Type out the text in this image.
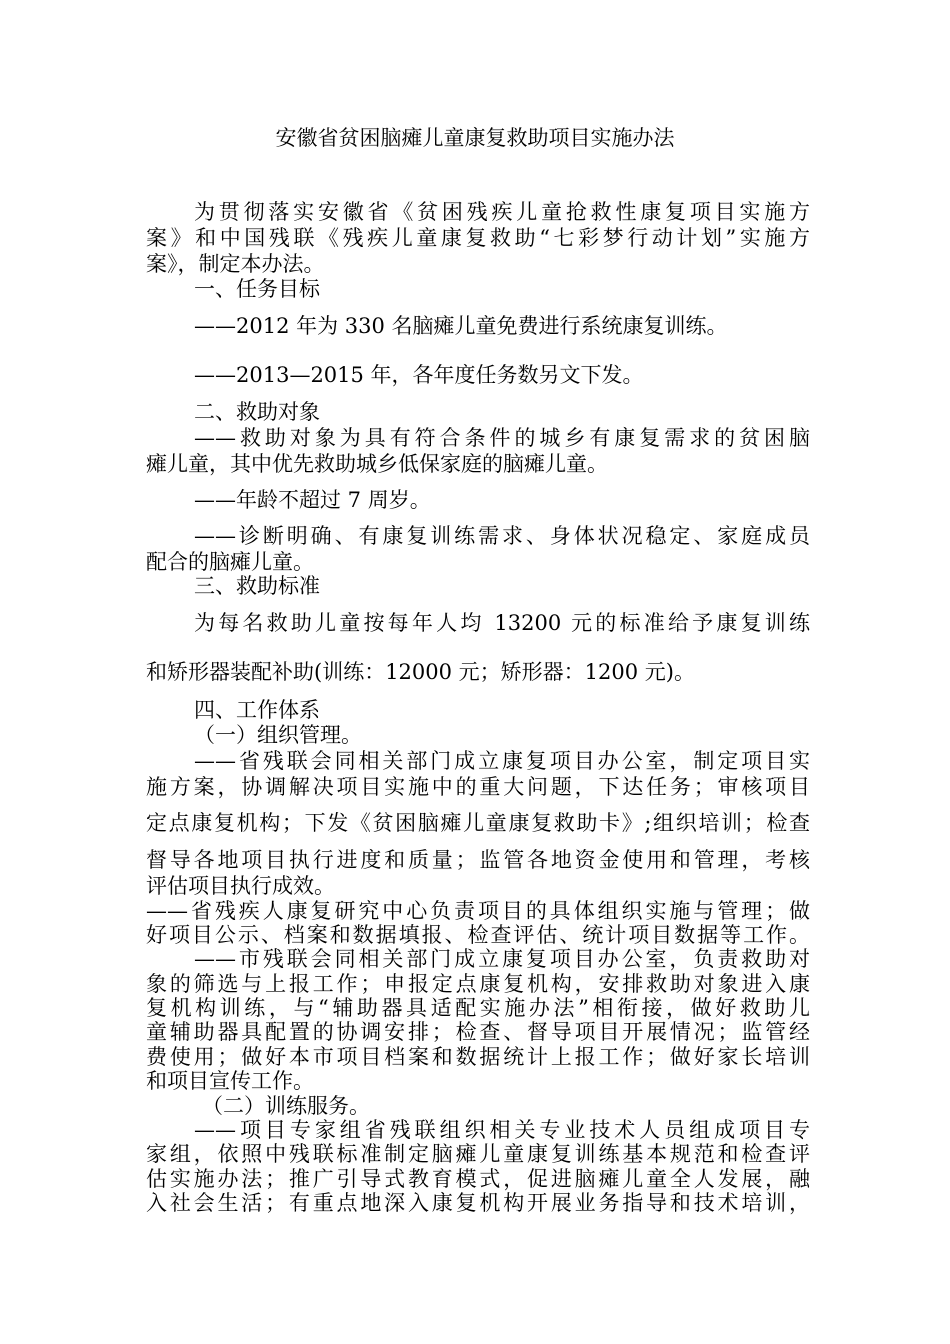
安徽省贫困脑瘫儿童康复救助项目实施办法

为贯彻落实安徽省《贫困残疾儿童抢救性康复项目实施方

案》和中国残联《残疾儿童康复救助“七彩梦行动计划”实施方

案》，制定本办法。

一、任务目标

——2012 年为 330 名脑瘫儿童免费进行系统康复训练。

——2013—2015 年，各年度任务数另文下发。

二、救助对象

——救助对象为具有符合条件的城乡有康复需求的贫困脑

瘫儿童，其中优先救助城乡低保家庭的脑瘫儿童。

——年龄不超过 7 周岁。

——诊断明确、有康复训练需求、身体状况稳定、家庭成员

配合的脑瘫儿童。

三、救助标准

为每名救助儿童按每年人均 13200 元的标准给予康复训练

和矫形器装配补助(训练：12000 元；矫形器：1200 元)。

四、工作体系

（一）组织管理。

——省残联会同相关部门成立康复项目办公室，制定项目实

施方案，协调解决项目实施中的重大问题，下达任务；审核项目

定点康复机构；下发《贫困脑瘫儿童康复救助卡》;组织培训；检查

督导各地项目执行进度和质量；监管各地资金使用和管理，考核

评估项目执行成效。

——省残疾人康复研究中心负责项目的具体组织实施与管理；做

好项目公示、档案和数据填报、检查评估、统计项目数据等工作。

——市残联会同相关部门成立康复项目办公室，负责救助对

象的筛选与上报工作；申报定点康复机构，安排救助对象进入康

复机构训练，与“辅助器具适配实施办法”相衔接，做好救助儿

童辅助器具配置的协调安排；检查、督导项目开展情况；监管经

费使用；做好本市项目档案和数据统计上报工作；做好家长培训

和项目宣传工作。

（二）训练服务。

——项目专家组省残联组织相关专业技术人员组成项目专

家组，依照中残联标准制定脑瘫儿童康复训练基本规范和检查评

估实施办法；推广引导式教育模式，促进脑瘫儿童全人发展，融

入社会生活；有重点地深入康复机构开展业务指导和技术培训，
